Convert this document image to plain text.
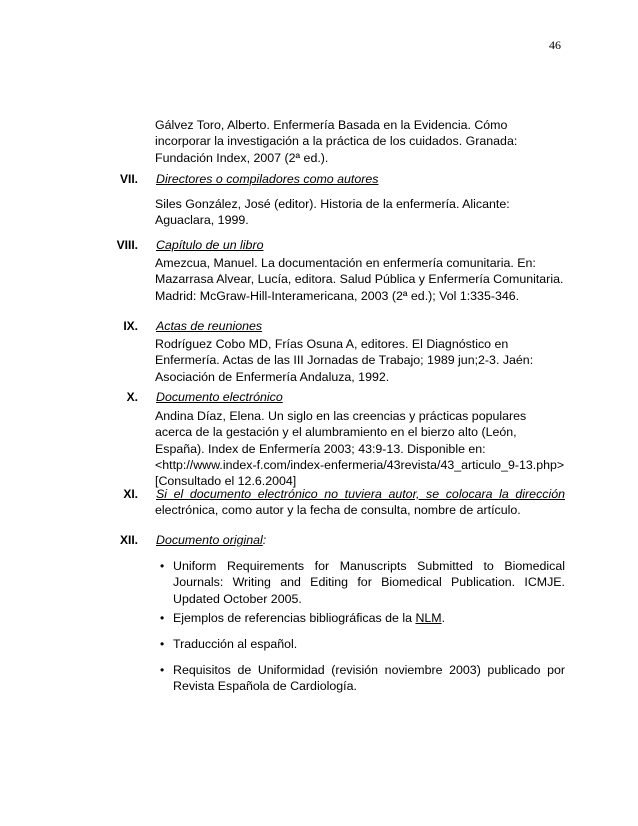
46
Gálvez Toro, Alberto. Enfermería Basada en la Evidencia. Cómo incorporar la investigación a la práctica de los cuidados. Granada: Fundación Index, 2007 (2ª ed.).
VII. Directores o compiladores como autores
Siles González, José (editor). Historia de la enfermería. Alicante: Aguaclara, 1999.
VIII. Capítulo de un libro
Amezcua, Manuel. La documentación en enfermería comunitaria. En: Mazarrasa Alvear, Lucía, editora. Salud Pública y Enfermería Comunitaria. Madrid: McGraw-Hill-Interamericana, 2003 (2ª ed.); Vol 1:335-346.
IX. Actas de reuniones
Rodríguez Cobo MD, Frías Osuna A, editores. El Diagnóstico en Enfermería. Actas de las III Jornadas de Trabajo; 1989 jun;2-3. Jaén: Asociación de Enfermería Andaluza, 1992.
X. Documento electrónico
Andina Díaz, Elena. Un siglo en las creencias y prácticas populares acerca de la gestación y el alumbramiento en el bierzo alto (León, España). Index de Enfermería 2003; 43:9-13. Disponible en: <http://www.index-f.com/index-enfermeria/43revista/43_articulo_9-13.php> [Consultado el 12.6.2004]
XI. Si el documento electrónico no tuviera autor, se colocara la dirección
electrónica, como autor y la fecha de consulta, nombre de artículo.
XII. Documento original:
• Uniform Requirements for Manuscripts Submitted to Biomedical Journals: Writing and Editing for Biomedical Publication. ICMJE. Updated October 2005.
• Ejemplos de referencias bibliográficas de la NLM.
• Traducción al español.
• Requisitos de Uniformidad (revisión noviembre 2003) publicado por Revista Española de Cardiología.
